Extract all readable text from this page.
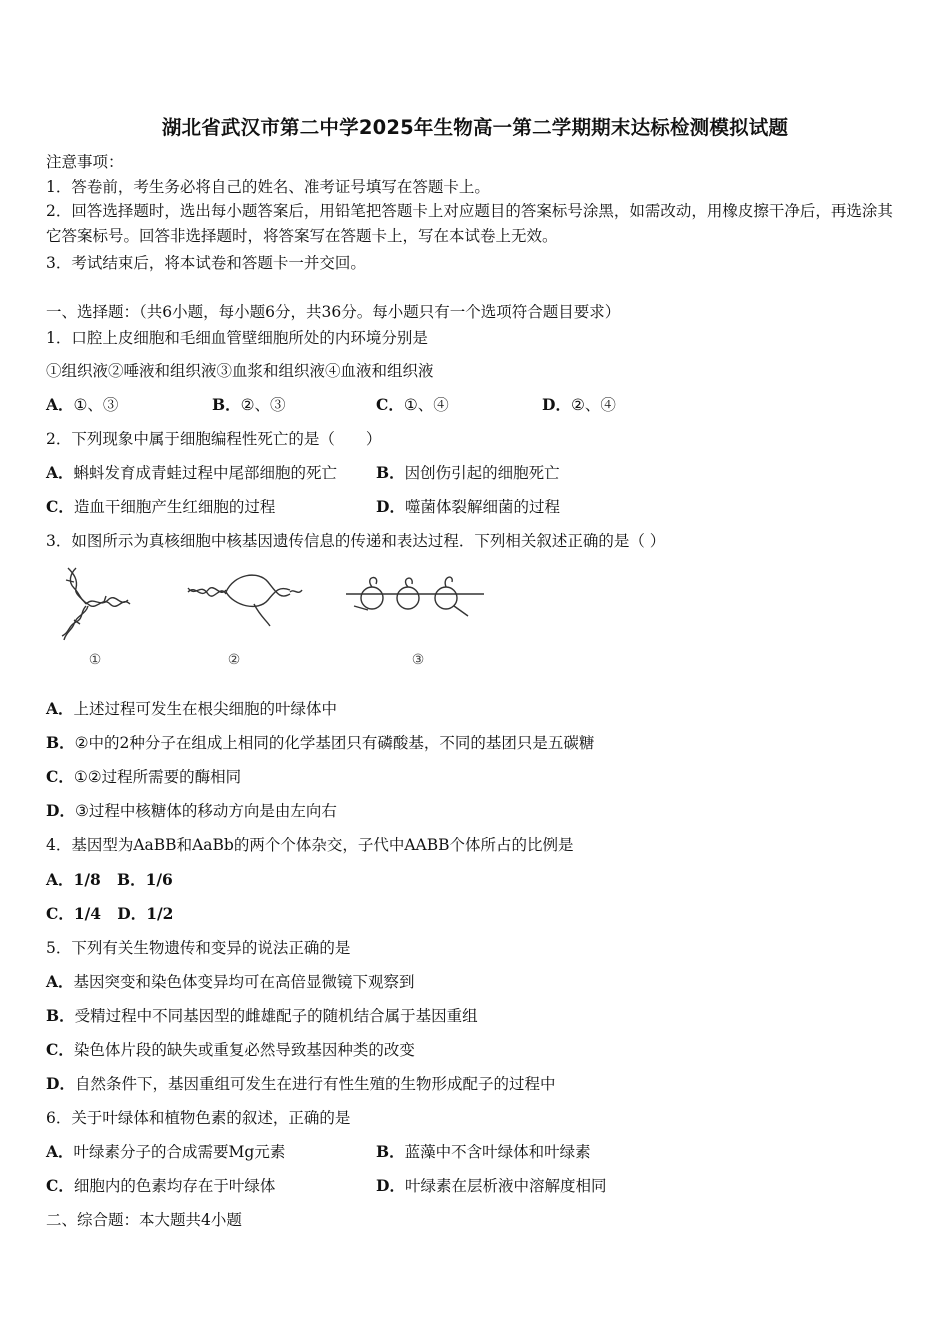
湖北省武汉市第二中学2025年生物高一第二学期期末达标检测模拟试题
注意事项：
1．答卷前，考生务必将自己的姓名、准考证号填写在答题卡上。
2．回答选择题时，选出每小题答案后，用铅笔把答题卡上对应题目的答案标号涂黑，如需改动，用橡皮擦干净后，再选涂其它答案标号。回答非选择题时，将答案写在答题卡上，写在本试卷上无效。
3．考试结束后，将本试卷和答题卡一并交回。
一、选择题：（共6小题，每小题6分，共36分。每小题只有一个选项符合题目要求）
1．口腔上皮细胞和毛细血管壁细胞所处的内环境分别是
①组织液②唾液和组织液③血浆和组织液④血液和组织液
A．①、③	B．②、③	C．①、④	D．②、④
2．下列现象中属于细胞编程性死亡的是（　　）
A．蝌蚪发育成青蛙过程中尾部细胞的死亡	B．因创伤引起的细胞死亡
C．造血干细胞产生红细胞的过程	D．噬菌体裂解细菌的过程
3．如图所示为真核细胞中核基因遗传信息的传递和表达过程．下列相关叙述正确的是（ ）
①	②	③
A．上述过程可发生在根尖细胞的叶绿体中
B．②中的2种分子在组成上相同的化学基团只有磷酸基，不同的基团只是五碳糖
C．①②过程所需要的酶相同
D．③过程中核糖体的移动方向是由左向右
4．基因型为AaBB和AaBb的两个个体杂交，子代中AABB个体所占的比例是
A．1/8 B．1/6
C．1/4 D．1/2
5．下列有关生物遗传和变异的说法正确的是
A．基因突变和染色体变异均可在高倍显微镜下观察到
B．受精过程中不同基因型的雌雄配子的随机结合属于基因重组
C．染色体片段的缺失或重复必然导致基因种类的改变
D．自然条件下，基因重组可发生在进行有性生殖的生物形成配子的过程中
6．关于叶绿体和植物色素的叙述，正确的是
A．叶绿素分子的合成需要Mg元素	B．蓝藻中不含叶绿体和叶绿素
C．细胞内的色素均存在于叶绿体	D．叶绿素在层析液中溶解度相同
二、综合题：本大题共4小题
